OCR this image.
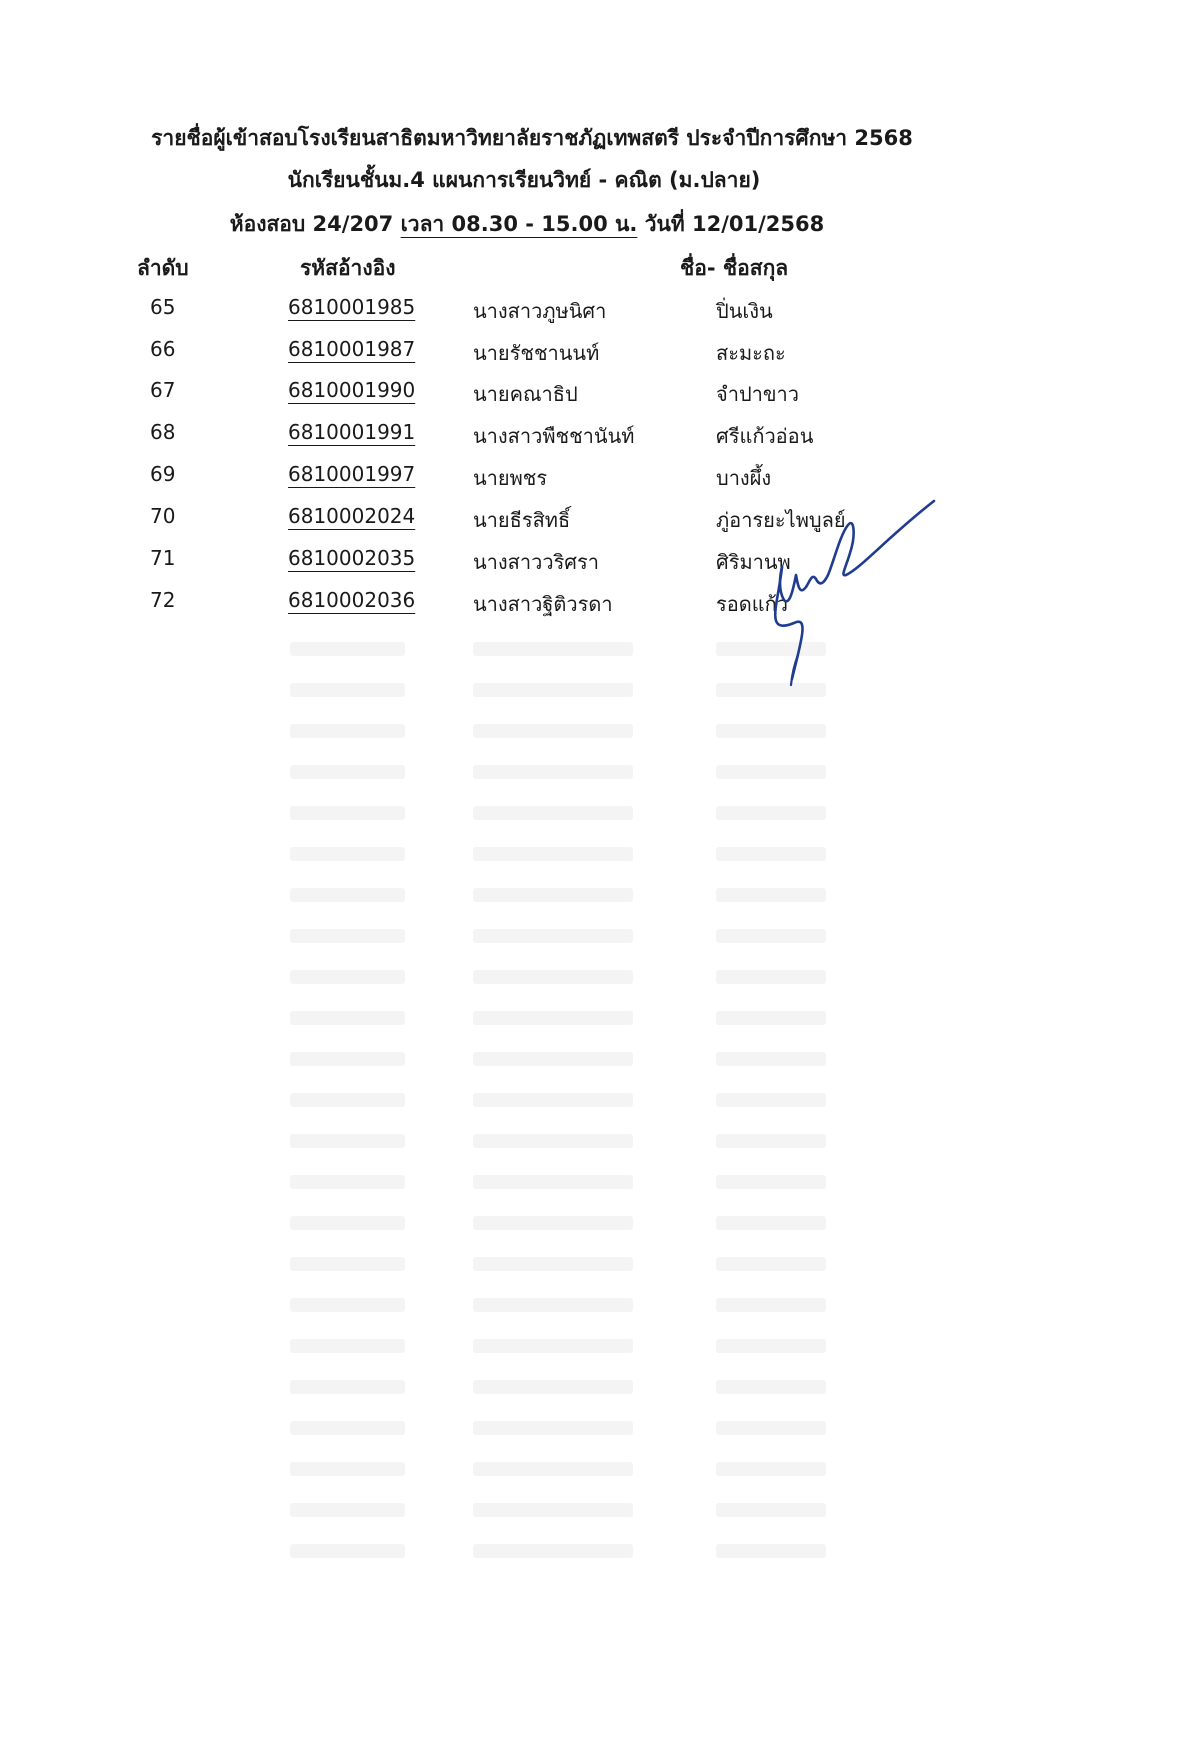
รายชื่อผู้เข้าสอบโรงเรียนสาธิตมหาวิทยาลัยราชภัฏเทพสตรี ประจำปีการศึกษา 2568
นักเรียนชั้นม.4 แผนการเรียนวิทย์ - คณิต (ม.ปลาย)
ห้องสอบ 24/207 เวลา 08.30 - 15.00 น. วันที่ 12/01/2568
ลำดับ	รหัสอ้างอิง	ชื่อ- ชื่อสกุล
65	6810001985	นางสาวภูษนิศา	ปิ่นเงิน
66	6810001987	นายรัชชานนท์	สะมะถะ
67	6810001990	นายคณาธิป	จำปาขาว
68	6810001991	นางสาวพืชชานันท์	ศรีแก้วอ่อน
69	6810001997	นายพชร	บางผึ้ง
70	6810002024	นายธีรสิทธิ์	ภู่อารยะไพบูลย์
71	6810002035	นางสาววริศรา	ศิริมานพ
72	6810002036	นางสาวฐิติวรดา	รอดแก้ว
